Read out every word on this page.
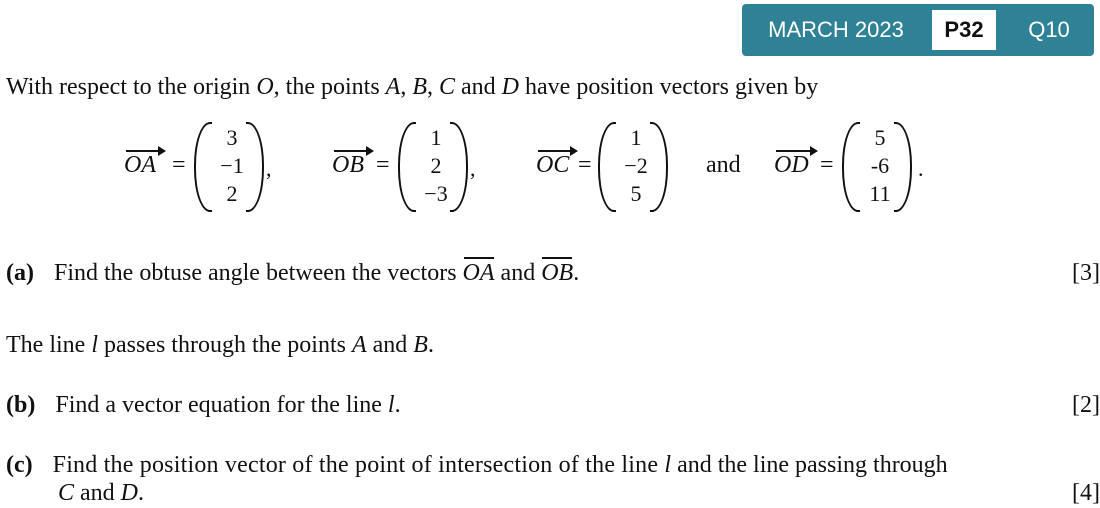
MARCH 2023	P32	Q10
With respect to the origin O, the points A, B, C and D have position vectors given by
OA =
3
−1
2
,	OB =
1
2
−3
,	OC =
1
−2
5
and OD =
5
-6
11
.
(a) Find the obtuse angle between the vectors
OA and
OB.	[3]
The line l passes through the points A and B.
(b) Find a vector equation for the line l.	[2]
(c) Find the position vector of the point of intersection of the line l and the line passing through
C and D.	[4]
